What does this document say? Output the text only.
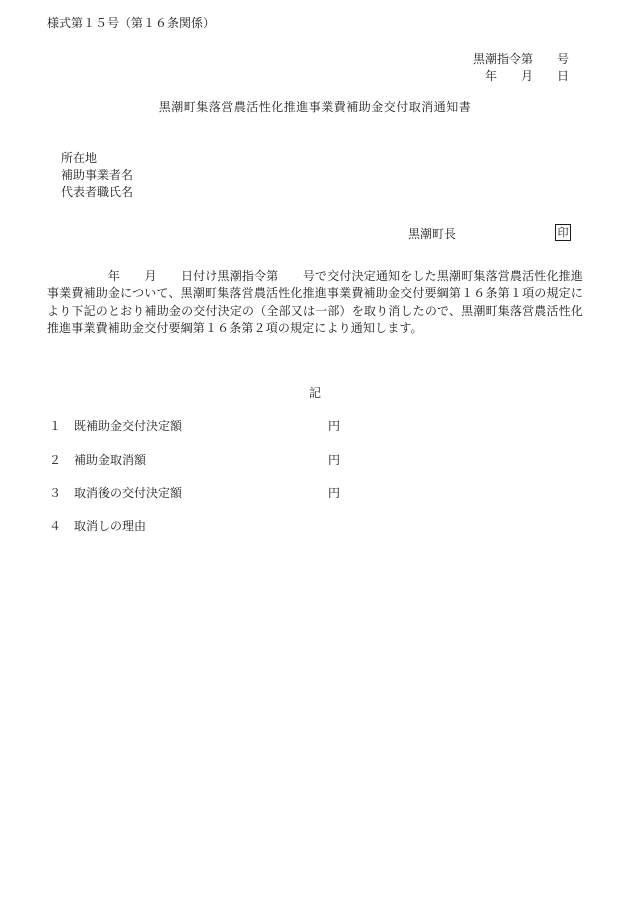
様式第１５号（第１６条関係）
黒潮指令第　　号
年　　月　　日
黒潮町集落営農活性化推進事業費補助金交付取消通知書
所在地
補助事業者名
代表者職氏名
黒潮町長	印
　　　　　年　　月　　日付け黒潮指令第　　号で交付決定通知をした黒潮町集落営農活性化推進事業費補助金について、黒潮町集落営農活性化推進事業費補助金交付要綱第１６条第１項の規定により下記のとおり補助金の交付決定の（全部又は一部）を取り消したので、黒潮町集落営農活性化推進事業費補助金交付要綱第１６条第２項の規定により通知します。
記
１ 既補助金交付決定額	円
２ 補助金取消額	円
３ 取消後の交付決定額	円
４ 取消しの理由
